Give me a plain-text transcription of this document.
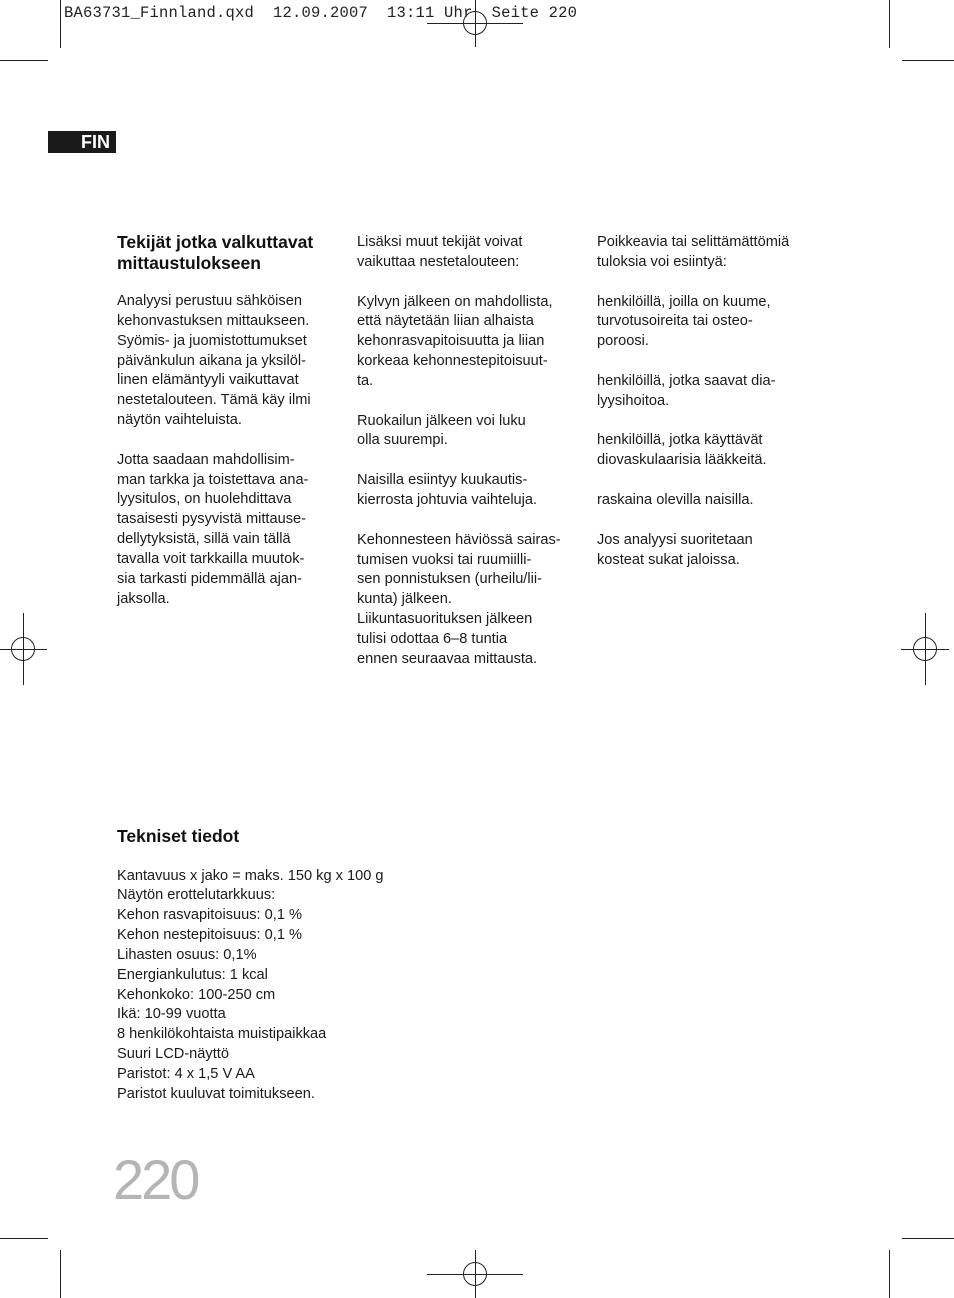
BA63731_Finnland.qxd  12.09.2007  13:11 Uhr  Seite 220
FIN
Tekijät jotka valkuttavat
mittaustulokseen

Analyysi perustuu sähköisen
kehonvastuksen mittaukseen.
Syömis- ja juomistottumukset
päivänkulun aikana ja yksilöl-
linen elämäntyyli vaikuttavat
nestetalouteen. Tämä käy ilmi
näytön vaihteluista.

Jotta saadaan mahdollisim-
man tarkka ja toistettava ana-
lyysitulos, on huolehdittava
tasaisesti pysyvistä mittause-
dellytyksistä, sillä vain tällä
tavalla voit tarkkailla muutok-
sia tarkasti pidemmällä ajan-
jaksolla.

Lisäksi muut tekijät voivat
vaikuttaa nestetalouteen:

Kylvyn jälkeen on mahdollista,
että näytetään liian alhaista
kehonrasvapitoisuutta ja liian
korkeaa kehonnestepitoisuut-
ta.

Ruokailun jälkeen voi luku
olla suurempi.

Naisilla esiintyy kuukautis-
kierrosta johtuvia vaihteluja.

Kehonnesteen häviössä sairas-
tumisen vuoksi tai ruumiilli-
sen ponnistuksen (urheilu/lii-
kunta) jälkeen.
Liikuntasuorituksen jälkeen
tulisi odottaa 6–8 tuntia
ennen seuraavaa mittausta.

Poikkeavia tai selittämättömiä
tuloksia voi esiintyä:

henkilöillä, joilla on kuume,
turvotusoireita tai osteo-
poroosi.

henkilöillä, jotka saavat dia-
lyysihoitoa.

henkilöillä, jotka käyttävät
diovaskulaarisia lääkkeitä.

raskaina olevilla naisilla.

Jos analyysi suoritetaan
kosteat sukat jaloissa.

Tekniset tiedot
Kantavuus x jako = maks. 150 kg x 100 g
Näytön erottelutarkkuus:
Kehon rasvapitoisuus: 0,1 %
Kehon nestepitoisuus: 0,1 %
Lihasten osuus: 0,1%
Energiankulutus: 1 kcal
Kehonkoko: 100-250 cm
Ikä: 10-99 vuotta
8 henkilökohtaista muistipaikkaa
Suuri LCD-näyttö
Paristot: 4 x 1,5 V AA
Paristot kuuluvat toimitukseen.
220
